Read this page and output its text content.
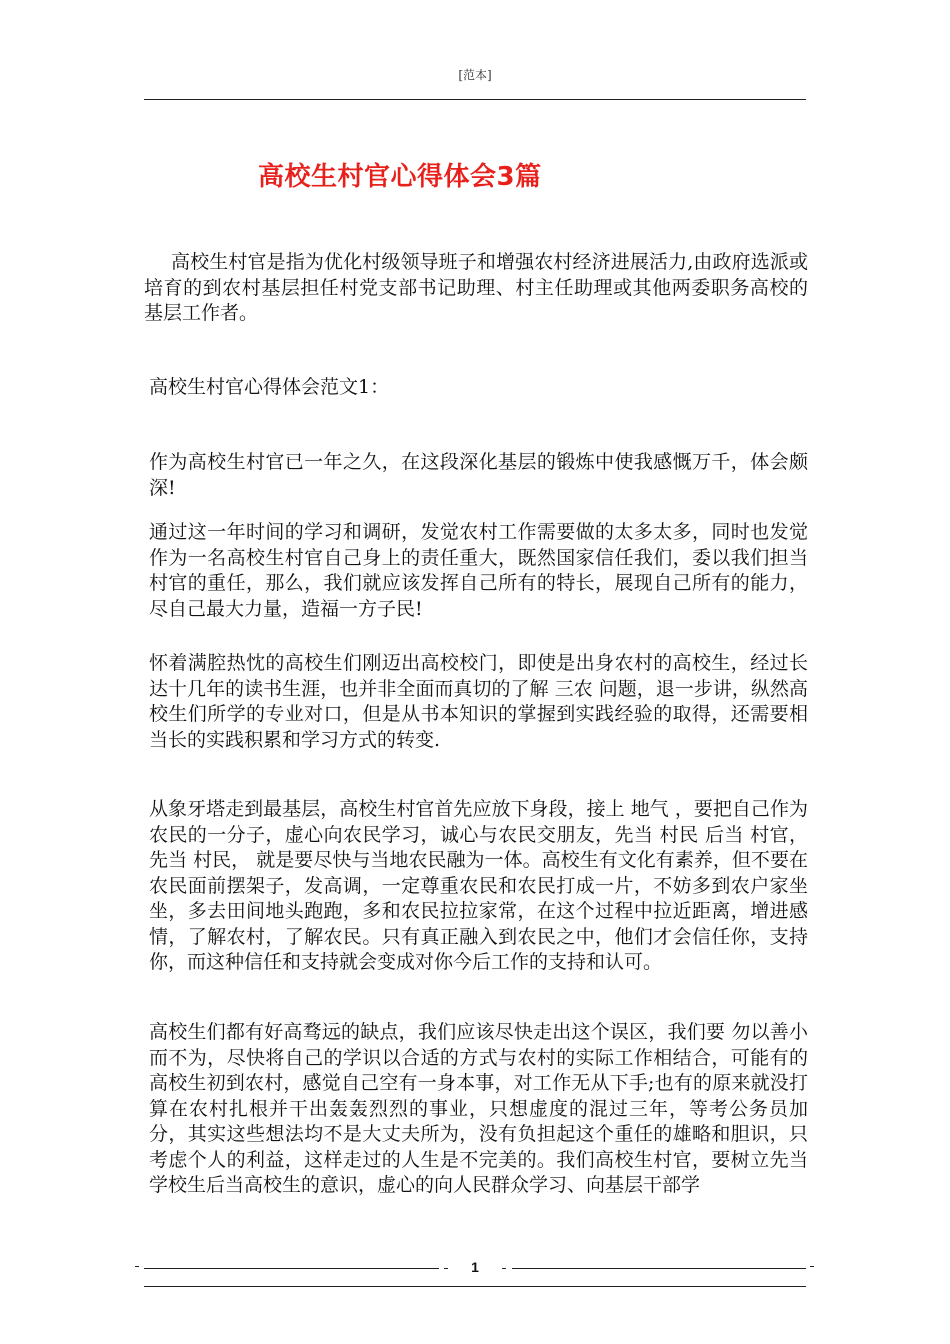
[范本]
高校生村官心得体会3篇

高校生村官是指为优化村级领导班子和增强农村经济进展活力,由政府选派或培育的到农村基层担任村党支部书记助理、村主任助理或其他两委职务高校的基层工作者。

高校生村官心得体会范文1：

作为高校生村官已一年之久，在这段深化基层的锻炼中使我感慨万千，体会颇深!

通过这一年时间的学习和调研，发觉农村工作需要做的太多太多，同时也发觉作为一名高校生村官自己身上的责任重大，既然国家信任我们，委以我们担当村官的重任，那么，我们就应该发挥自己所有的特长，展现自己所有的能力，尽自己最大力量，造福一方子民!

怀着满腔热忱的高校生们刚迈出高校校门，即使是出身农村的高校生，经过长达十几年的读书生涯，也并非全面而真切的了解 三农 问题，退一步讲，纵然高校生们所学的专业对口，但是从书本知识的掌握到实践经验的取得，还需要相当长的实践积累和学习方式的转变.

从象牙塔走到最基层，高校生村官首先应放下身段，接上 地气 ，要把自己作为农民的一分子，虚心向农民学习，诚心与农民交朋友，先当 村民 后当 村官，先当 村民， 就是要尽快与当地农民融为一体。高校生有文化有素养，但不要在农民面前摆架子，发高调，一定尊重农民和农民打成一片，不妨多到农户家坐坐，多去田间地头跑跑，多和农民拉拉家常，在这个过程中拉近距离，增进感情，了解农村，了解农民。只有真正融入到农民之中，他们才会信任你，支持你，而这种信任和支持就会变成对你今后工作的支持和认可。

高校生们都有好高骛远的缺点，我们应该尽快走出这个误区，我们要 勿以善小而不为，尽快将自己的学识以合适的方式与农村的实际工作相结合，可能有的高校生初到农村，感觉自己空有一身本事，对工作无从下手;也有的原来就没打算在农村扎根并干出轰轰烈烈的事业，只想虚度的混过三年，等考公务员加分，其实这些想法均不是大丈夫所为，没有负担起这个重任的雄略和胆识，只考虑个人的利益，这样走过的人生是不完美的。我们高校生村官，要树立先当学校生后当高校生的意识，虚心的向人民群众学习、向基层干部学

1
